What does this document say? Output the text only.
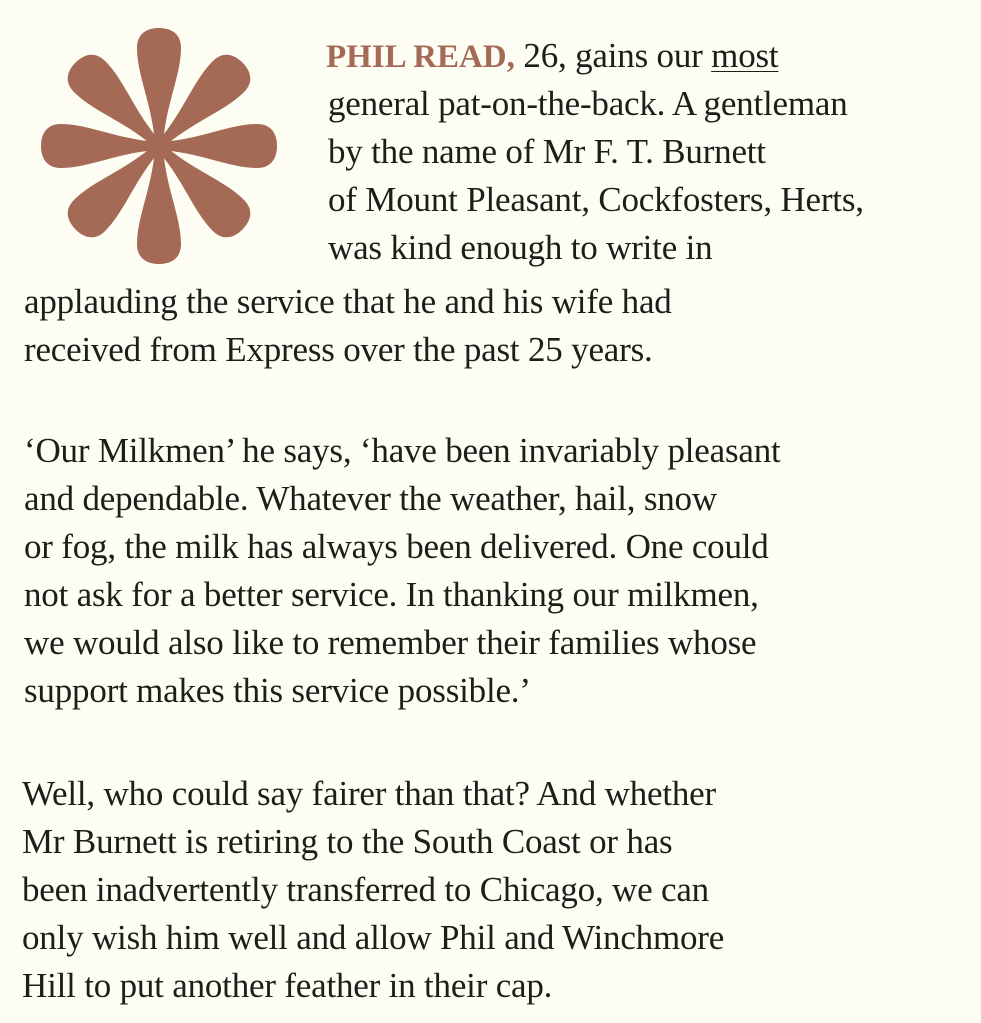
PHIL READ, 26, gains our most
general pat-on-the-back. A gentleman
by the name of Mr F. T. Burnett
of Mount Pleasant, Cockfosters, Herts,
was kind enough to write in
applauding the service that he and his wife had
received from Express over the past 25 years.
‘Our Milkmen’ he says, ‘have been invariably pleasant
and dependable. Whatever the weather, hail, snow
or fog, the milk has always been delivered. One could
not ask for a better service. In thanking our milkmen,
we would also like to remember their families whose
support makes this service possible.’
Well, who could say fairer than that? And whether
Mr Burnett is retiring to the South Coast or has
been inadvertently transferred to Chicago, we can
only wish him well and allow Phil and Winchmore
Hill to put another feather in their cap.
